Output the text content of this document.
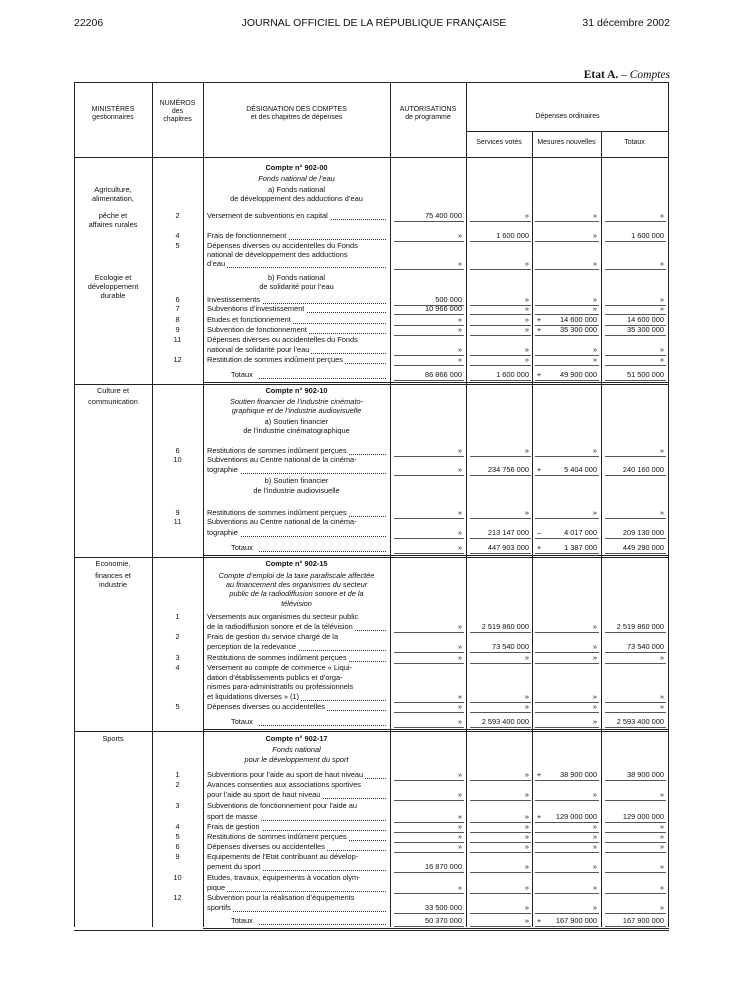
22206	JOURNAL OFFICIEL DE LA RÉPUBLIQUE FRANÇAISE	31 décembre 2002
Etat A. – Comptes
MINISTÈRES
gestionnaires
NUMÉROS
des
chapitres
DÉSIGNATION DES COMPTES
et des chapitres de dépenses
AUTORISATIONS
de programme	Dépenses ordinaires
Services votés	Mesures nouvelles	Totaux
Compte n° 902-00
Fonds national de l’eau
Agriculture,	a) Fonds national
alimentation,	de développement des adductions d’eau
pêche et	2	Versement de subventions en capital	75 400 000	»	»	»
affaires rurales
4	Frais de fonctionnement	»	1 600 000	»	1 600 000
5	Dépenses diverses ou accidentelles du Fonds
national de développement des adductions
d’eau	»	»	»	»
Ecologie et	b) Fonds national
développement	de solidarité pour l’eau
durable	6	Investissements	500 000	»	»	»
7	Subventions d’investissement	10 966 000	»	»	»
8	Etudes et fonctionnement	»	» +	14 600 000	14 600 000
9	Subvention de fonctionnement	»	» +	35 300 000	35 300 000
11	Dépenses diverses ou accidentelles du Fonds
national de solidarité pour l’eau	»	»	»	»
12	Restitution de sommes indûment perçues	»	»	»	»
Totaux	86 866 000	1 600 000 +	49 900 000	51 500 000
Culture et	Compte n° 902-10
communication	Soutien financier de l’industrie cinémato-
graphique et de l’industrie audiovisuelle
a) Soutien financier
de l’industrie cinématographique
6	Restitutions de sommes indûment perçues	»	»	»	»
10	Subventions au Centre national de la cinéma-
tographie	»	234 756 000 +	5 404 000	240 160 000
b) Soutien financier
de l’industrie audiovisuelle
9	Restitutions de sommes indûment perçues	»	»	»	»
11	Subventions au Centre national de la cinéma-
tographie	»	213 147 000 –	4 017 000	209 130 000
Totaux	»	447 903 000 +	1 387 000	449 290 000
Economie,	Compte n° 902-15
finances et	Compte d’emploi de la taxe parafiscale affectée
industrie	au financement des organismes du secteur
public de la radiodiffusion sonore et de la
télévision
1	Versements aux organismes du secteur public
de la radiodiffusion sonore et de la télévision	»	2 519 860 000	»	2 519 860 000
2	Frais de gestion du service chargé de la
perception de la redevance	»	73 540 000	»	73 540 000
3	Restitutions de sommes indûment perçues	»	»	»	»
4	Versement au compte de commerce « Liqui-
dation d’établissements publics et d’orga-
nismes para-administratifs ou professionnels
et liquidations diverses » (1)	»	»	»	»
5	Dépenses diverses ou accidentelles	»	»	»	»
Totaux	»	2 593 400 000	»	2 593 400 000
Sports	Compte n° 902-17
Fonds national
pour le développement du sport
1	Subventions pour l’aide au sport de haut niveau	»	» +	38 900 000	38 900 000
2	Avances consenties aux associations sportives
pour l’aide au sport de haut niveau	»	»	»	»
3	Subventions de fonctionnement pour l’aide au
sport de masse	»	» +	129 000 000	129 000 000
4	Frais de gestion	»	»	»	»
5	Restitutions de sommes indûment perçues	»	»	»	»
6	Dépenses diverses ou accidentelles	»	»	»	»
9	Equipements de l’Etat contribuant au dévelop-
pement du sport	16 870 000	»	»	»
10	Etudes, travaux, équipements à vocation olym-
pique	»	»	»	»
12	Subvention pour la réalisation d’équipements
sportifs	33 500 000	»	»	»
Totaux	50 370 000	» +	167 900 000	167 900 000
